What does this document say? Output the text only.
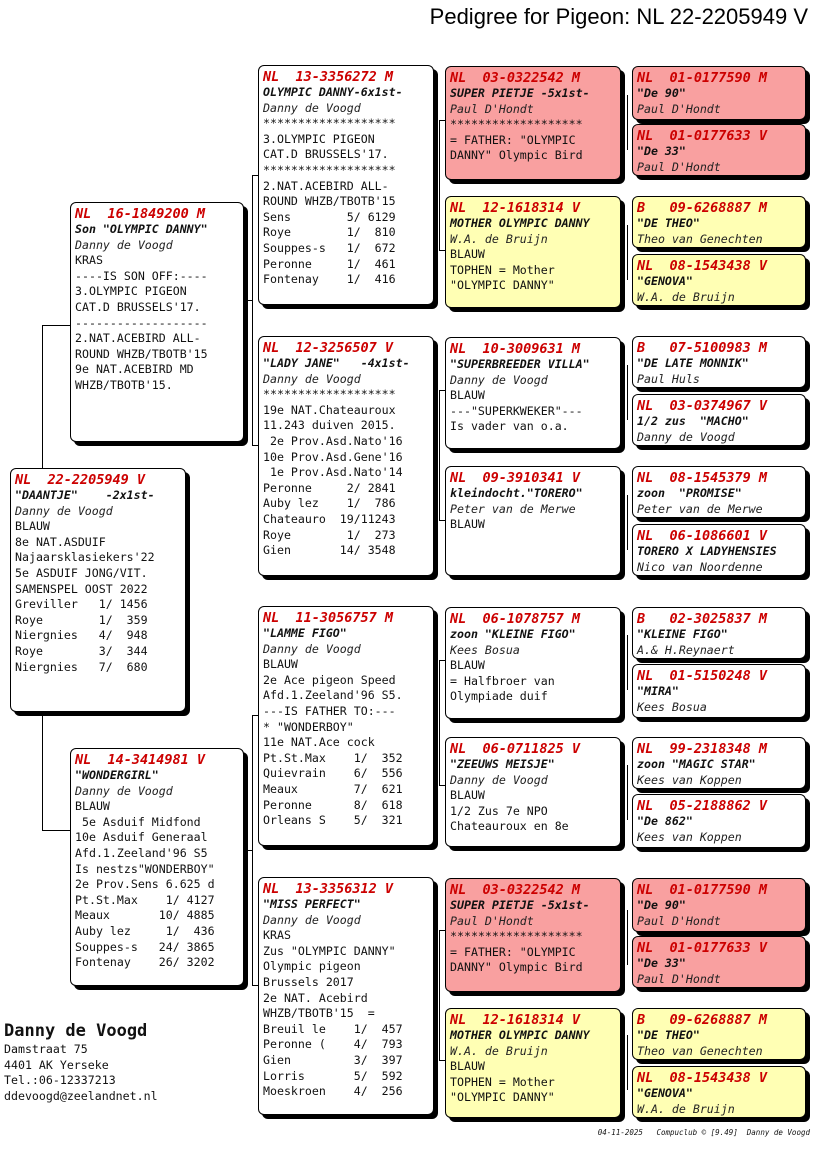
Pedigree for Pigeon: NL 22-2205949 V
NL  22-2205949 V
"DAANTJE"    -2x1st-
Danny de Voogd
BLAUW
8e NAT.ASDUIF
Najaarsklasiekers'22
5e ASDUIF JONG/VIT.
SAMENSPEL OOST 2022
Greviller   1/ 1456
Roye        1/  359
Niergnies   4/  948
Roye        3/  344
Niergnies   7/  680
NL  16-1849200 M
Son "OLYMPIC DANNY"
Danny de Voogd
KRAS
----IS SON OFF:----
3.OLYMPIC PIGEON
CAT.D BRUSSELS'17.
-------------------
2.NAT.ACEBIRD ALL-
ROUND WHZB/TBOTB'15
9e NAT.ACEBIRD MD
WHZB/TBOTB'15.
NL  14-3414981 V
"WONDERGIRL"
Danny de Voogd
BLAUW
5e Asduif Midfond
10e Asduif Generaal
Afd.1.Zeeland'96 S5
Is nestzs"WONDERBOY"
2e Prov.Sens 6.625 d
Pt.St.Max    1/ 4127
Meaux       10/ 4885
Auby lez     1/  436
Souppes-s   24/ 3865
Fontenay    26/ 3202
NL  13-3356272 M
OLYMPIC DANNY-6x1st-
Danny de Voogd
*******************
3.OLYMPIC PIGEON
CAT.D BRUSSELS'17.
*******************
2.NAT.ACEBIRD ALL-
ROUND WHZB/TBOTB'15
Sens        5/ 6129
Roye        1/  810
Souppes-s   1/  672
Peronne     1/  461
Fontenay    1/  416
NL  12-3256507 V
"LADY JANE"   -4x1st-
Danny de Voogd
*******************
19e NAT.Chateauroux
11.243 duiven 2015.
2e Prov.Asd.Nato'16
10e Prov.Asd.Gene'16
1e Prov.Asd.Nato'14
Peronne     2/ 2841
Auby lez    1/  786
Chateauro  19/11243
Roye        1/  273
Gien       14/ 3548
NL  11-3056757 M
"LAMME FIGO"
Danny de Voogd
BLAUW
2e Ace pigeon Speed
Afd.1.Zeeland'96 S5.
---IS FATHER TO:---
* "WONDERBOY"
11e NAT.Ace cock
Pt.St.Max    1/  352
Quievrain    6/  556
Meaux        7/  621
Peronne      8/  618
Orleans S    5/  321
NL  13-3356312 V
"MISS PERFECT"
Danny de Voogd
KRAS
Zus "OLYMPIC DANNY"
Olympic pigeon
Brussels 2017
2e NAT. Acebird
WHZB/TBOTB'15  =
Breuil le    1/  457
Peronne (    4/  793
Gien         3/  397
Lorris       5/  592
Moeskroen    4/  256
NL  03-0322542 M
SUPER PIETJE -5x1st-
Paul D'Hondt
*******************
= FATHER: "OLYMPIC
DANNY" Olympic Bird
NL  12-1618314 V
MOTHER OLYMPIC DANNY
W.A. de Bruijn
BLAUW
TOPHEN = Mother
"OLYMPIC DANNY"
NL  10-3009631 M
"SUPERBREEDER VILLA"
Danny de Voogd
BLAUW
---"SUPERKWEKER"---
Is vader van o.a.
NL  09-3910341 V
kleindocht."TORERO"
Peter van de Merwe
BLAUW
NL  06-1078757 M
zoon "KLEINE FIGO"
Kees Bosua
BLAUW
= Halfbroer van
Olympiade duif
NL  06-0711825 V
"ZEEUWS MEISJE"
Danny de Voogd
BLAUW
1/2 Zus 7e NPO
Chateauroux en 8e
NL  03-0322542 M
SUPER PIETJE -5x1st-
Paul D'Hondt
*******************
= FATHER: "OLYMPIC
DANNY" Olympic Bird
NL  12-1618314 V
MOTHER OLYMPIC DANNY
W.A. de Bruijn
BLAUW
TOPHEN = Mother
"OLYMPIC DANNY"
NL  01-0177590 M
"De 90"
Paul D'Hondt
NL  01-0177633 V
"De 33"
Paul D'Hondt
B   09-6268887 M
"DE THEO"
Theo van Genechten
NL  08-1543438 V
"GENOVA"
W.A. de Bruijn
B   07-5100983 M
"DE LATE MONNIK"
Paul Huls
NL  03-0374967 V
1/2 zus  "MACHO"
Danny de Voogd
NL  08-1545379 M
zoon  "PROMISE"
Peter van de Merwe
NL  06-1086601 V
TORERO X LADYHENSIES
Nico van Noordenne
B   02-3025837 M
"KLEINE FIGO"
A.& H.Reynaert
NL  01-5150248 V
"MIRA"
Kees Bosua
NL  99-2318348 M
zoon "MAGIC STAR"
Kees van Koppen
NL  05-2188862 V
"De 862"
Kees van Koppen
NL  01-0177590 M
"De 90"
Paul D'Hondt
NL  01-0177633 V
"De 33"
Paul D'Hondt
B   09-6268887 M
"DE THEO"
Theo van Genechten
NL  08-1543438 V
"GENOVA"
W.A. de Bruijn
Danny de Voogd
Damstraat 75
4401 AK Yerseke
Tel.:06-12337213
ddevoogd@zeelandnet.nl
04-11-2025   Compuclub © [9.49]  Danny de Voogd
